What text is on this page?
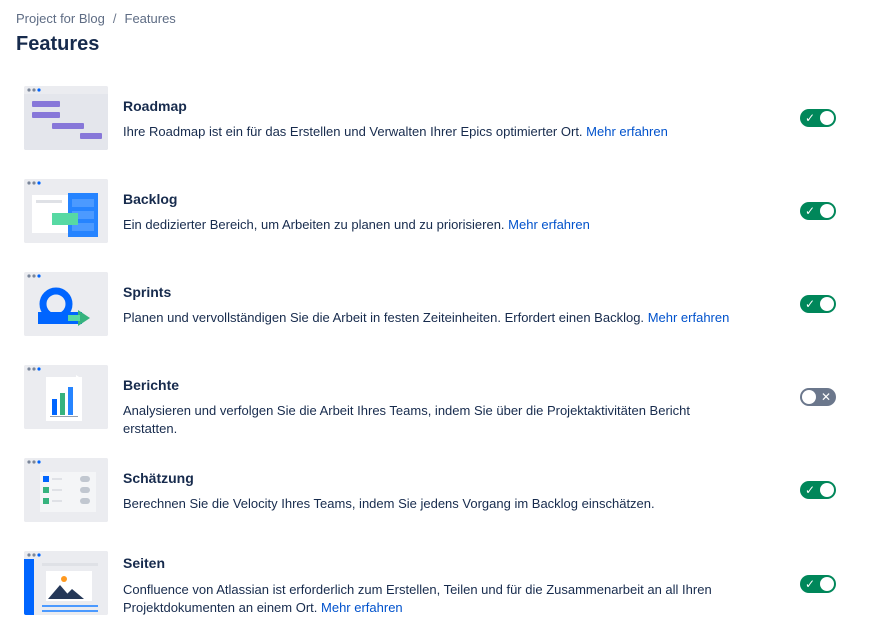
Project for Blog / Features
Features
Roadmap
Ihre Roadmap ist ein für das Erstellen und Verwalten Ihrer Epics optimierter Ort. Mehr erfahren
✓
Backlog
Ein dedizierter Bereich, um Arbeiten zu planen und zu priorisieren. Mehr erfahren
✓
Sprints
Planen und vervollständigen Sie die Arbeit in festen Zeiteinheiten. Erfordert einen Backlog. Mehr erfahren
✓
Berichte
Analysieren und verfolgen Sie die Arbeit Ihres Teams, indem Sie über die Projektaktivitäten Bericht erstatten.
✕
Schätzung
Berechnen Sie die Velocity Ihres Teams, indem Sie jedens Vorgang im Backlog einschätzen.
✓
Seiten
Confluence von Atlassian ist erforderlich zum Erstellen, Teilen und für die Zusammenarbeit an all Ihren Projektdokumenten an einem Ort. Mehr erfahren
✓
